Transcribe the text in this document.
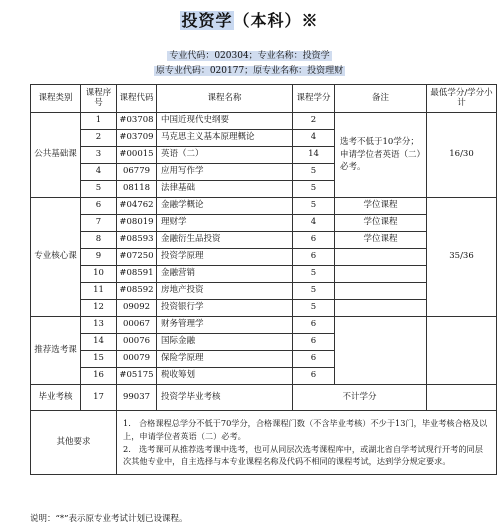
投资学（本科）※
专业代码：020304；专业名称：投资学
原专业代码：020177；原专业名称：投资理财
课程类别	课程序号	课程代码	课程名称	课程学分	备注	最低学分/学分小计
公共基础课	1	#03708	中国近现代史纲要	2	选考不低于10学分；申请学位者英语（二）必考。	16/30
	2	#03709	马克思主义基本原理概论	4		
	3	#00015	英语（二）	14		
	4	06779	应用写作学	5		
	5	08118	法律基础	5		
专业核心课	6	#04762	金融学概论	5	学位课程	35/36
	7	#08019	理财学	4	学位课程	
	8	#08593	金融衍生品投资	6	学位课程	
	9	#07250	投资学原理	6		
	10	#08591	金融营销	5		
	11	#08592	房地产投资	5		
	12	09092	投资银行学	5		
推荐选考课	13	00067	财务管理学	6		
	14	00076	国际金融	6		
	15	00079	保险学原理	6		
	16	#05175	税收筹划	6		
毕业考核	17	99037	投资学毕业考核	不计学分		
其他要求		1.　合格课程总学分不低于70学分，合格课程门数（不含毕业考核）不少于13门，毕业考核合格及以上，申请学位者英语（二）必考。
2.　选考课可从推荐选考课中选考，也可从同层次选考课程库中，或湖北省自学考试现行开考的同层次其他专业中，自主选择与本专业课程名称及代码不相同的课程考试，达到学分规定要求。				
说明：“*”表示原专业考试计划已设课程。
